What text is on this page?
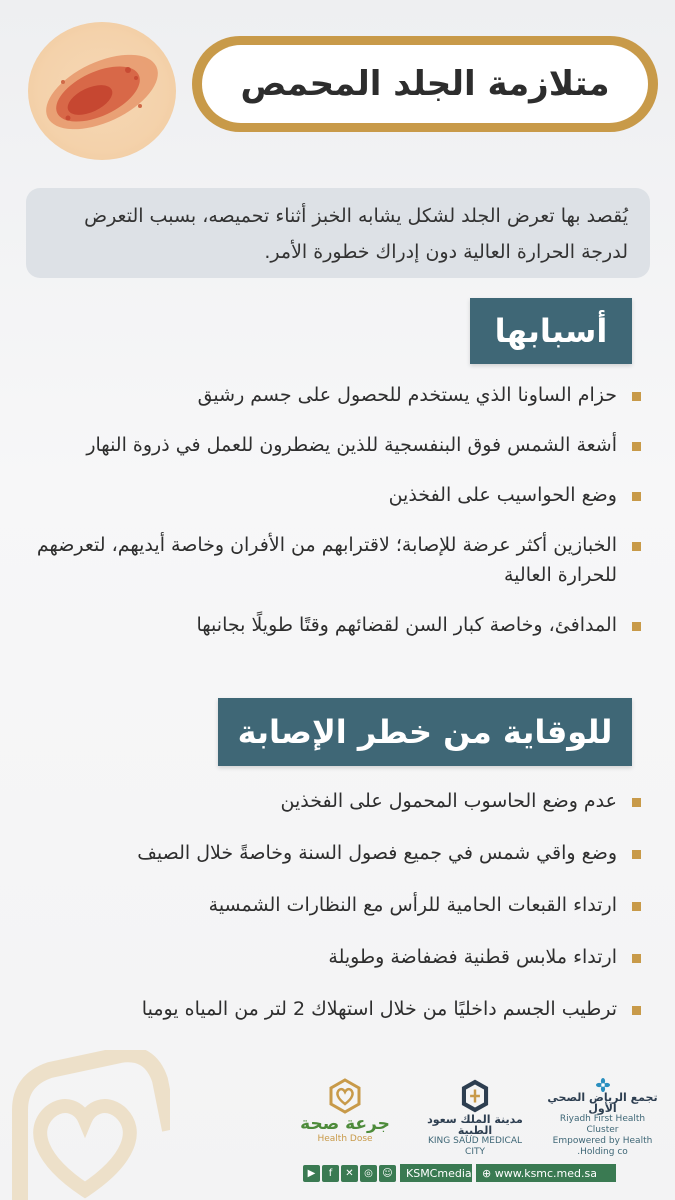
متلازمة الجلد المحمص
يُقصد بها تعرض الجلد لشكل يشابه الخبز أثناء تحميصه، بسبب التعرض لدرجة الحرارة العالية دون إدراك خطورة الأمر.
أسبابها
حزام الساونا الذي يستخدم للحصول على جسم رشيق
أشعة الشمس فوق البنفسجية للذين يضطرون للعمل في ذروة النهار
وضع الحواسيب على الفخذين
الخبازين أكثر عرضة للإصابة؛ لاقترابهم من الأفران وخاصة أيديهم، لتعرضهم للحرارة العالية
المدافئ، وخاصة كبار السن لقضائهم وقتًا طويلًا بجانبها
للوقاية من خطر الإصابة
عدم وضع الحاسوب المحمول على الفخذين
وضع واقي شمس في جميع فصول السنة وخاصةً خلال الصيف
ارتداء القبعات الحامية للرأس مع النظارات الشمسية
ارتداء ملابس قطنية فضفاضة وطويلة
ترطيب الجسم داخليًا من خلال استهلاك 2 لتر من المياه يوميا
جرعة صحة
Health Dose
مدينة الملك سعود الطبية
KING SAUD MEDICAL CITY
تجمع الرياض الصحي الأول
Riyadh First Health Cluster
Empowered by Health Holding co.
▶	f	✕	◎ ☺	KSMCmedia ⊕ www.ksmc.med.sa
